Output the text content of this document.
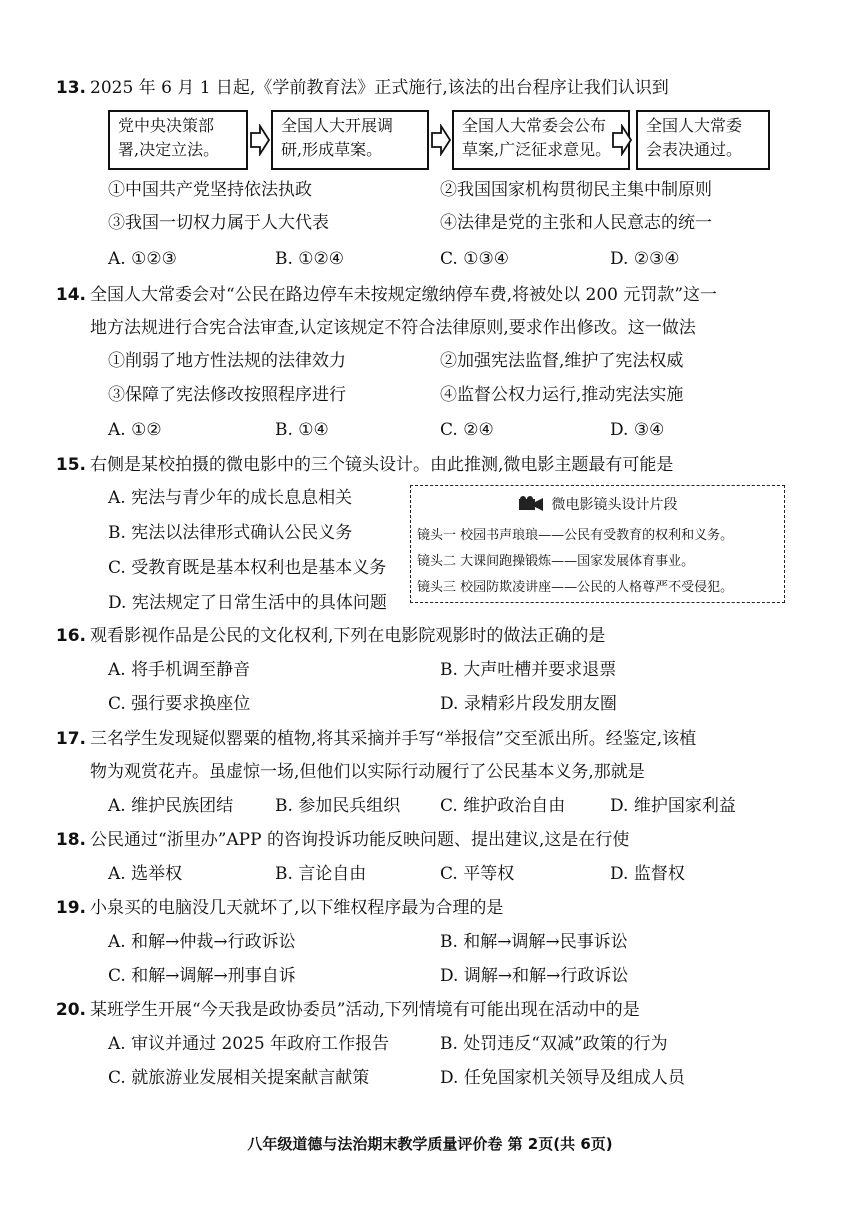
13. 2025 年 6 月 1 日起,《学前教育法》正式施行,该法的出台程序让我们认识到
党中央决策部
署,决定立法。
全国人大开展调
研,形成草案。
全国人大常委会公布
草案,广泛征求意见。
全国人大常委
会表决通过。
①中国共产党坚持依法执政	②我国国家机构贯彻民主集中制原则
③我国一切权力属于人大代表	④法律是党的主张和人民意志的统一
A. ①②③	B. ①②④	C. ①③④	D. ②③④
14. 全国人大常委会对“公民在路边停车未按规定缴纳停车费,将被处以 200 元罚款”这一
地方法规进行合宪合法审查,认定该规定不符合法律原则,要求作出修改。这一做法
①削弱了地方性法规的法律效力	②加强宪法监督,维护了宪法权威
③保障了宪法修改按照程序进行	④监督公权力运行,推动宪法实施
A. ①②	B. ①④	C. ②④	D. ③④
15. 右侧是某校拍摄的微电影中的三个镜头设计。由此推测,微电影主题最有可能是
A. 宪法与青少年的成长息息相关
B. 宪法以法律形式确认公民义务
C. 受教育既是基本权利也是基本义务
D. 宪法规定了日常生活中的具体问题
微电影镜头设计片段
镜头一 校园书声琅琅——公民有受教育的权利和义务。
镜头二 大课间跑操锻炼——国家发展体育事业。
镜头三 校园防欺凌讲座——公民的人格尊严不受侵犯。
16. 观看影视作品是公民的文化权利,下列在电影院观影时的做法正确的是
A. 将手机调至静音	B. 大声吐槽并要求退票
C. 强行要求换座位	D. 录精彩片段发朋友圈
17. 三名学生发现疑似罂粟的植物,将其采摘并手写“举报信”交至派出所。经鉴定,该植
物为观赏花卉。虽虚惊一场,但他们以实际行动履行了公民基本义务,那就是
A. 维护民族团结 B. 参加民兵组织 C. 维护政治自由	D. 维护国家利益
18. 公民通过“浙里办”APP 的咨询投诉功能反映问题、提出建议,这是在行使
A. 选举权	B. 言论自由	C. 平等权	D. 监督权
19. 小泉买的电脑没几天就坏了,以下维权程序最为合理的是
A. 和解→仲裁→行政诉讼	B. 和解→调解→民事诉讼
C. 和解→调解→刑事自诉	D. 调解→和解→行政诉讼
20. 某班学生开展“今天我是政协委员”活动,下列情境有可能出现在活动中的是
A. 审议并通过 2025 年政府工作报告	B. 处罚违反“双减”政策的行为
C. 就旅游业发展相关提案献言献策	D. 任免国家机关领导及组成人员
八年级道德与法治期末教学质量评价卷 第 2页(共 6页)
